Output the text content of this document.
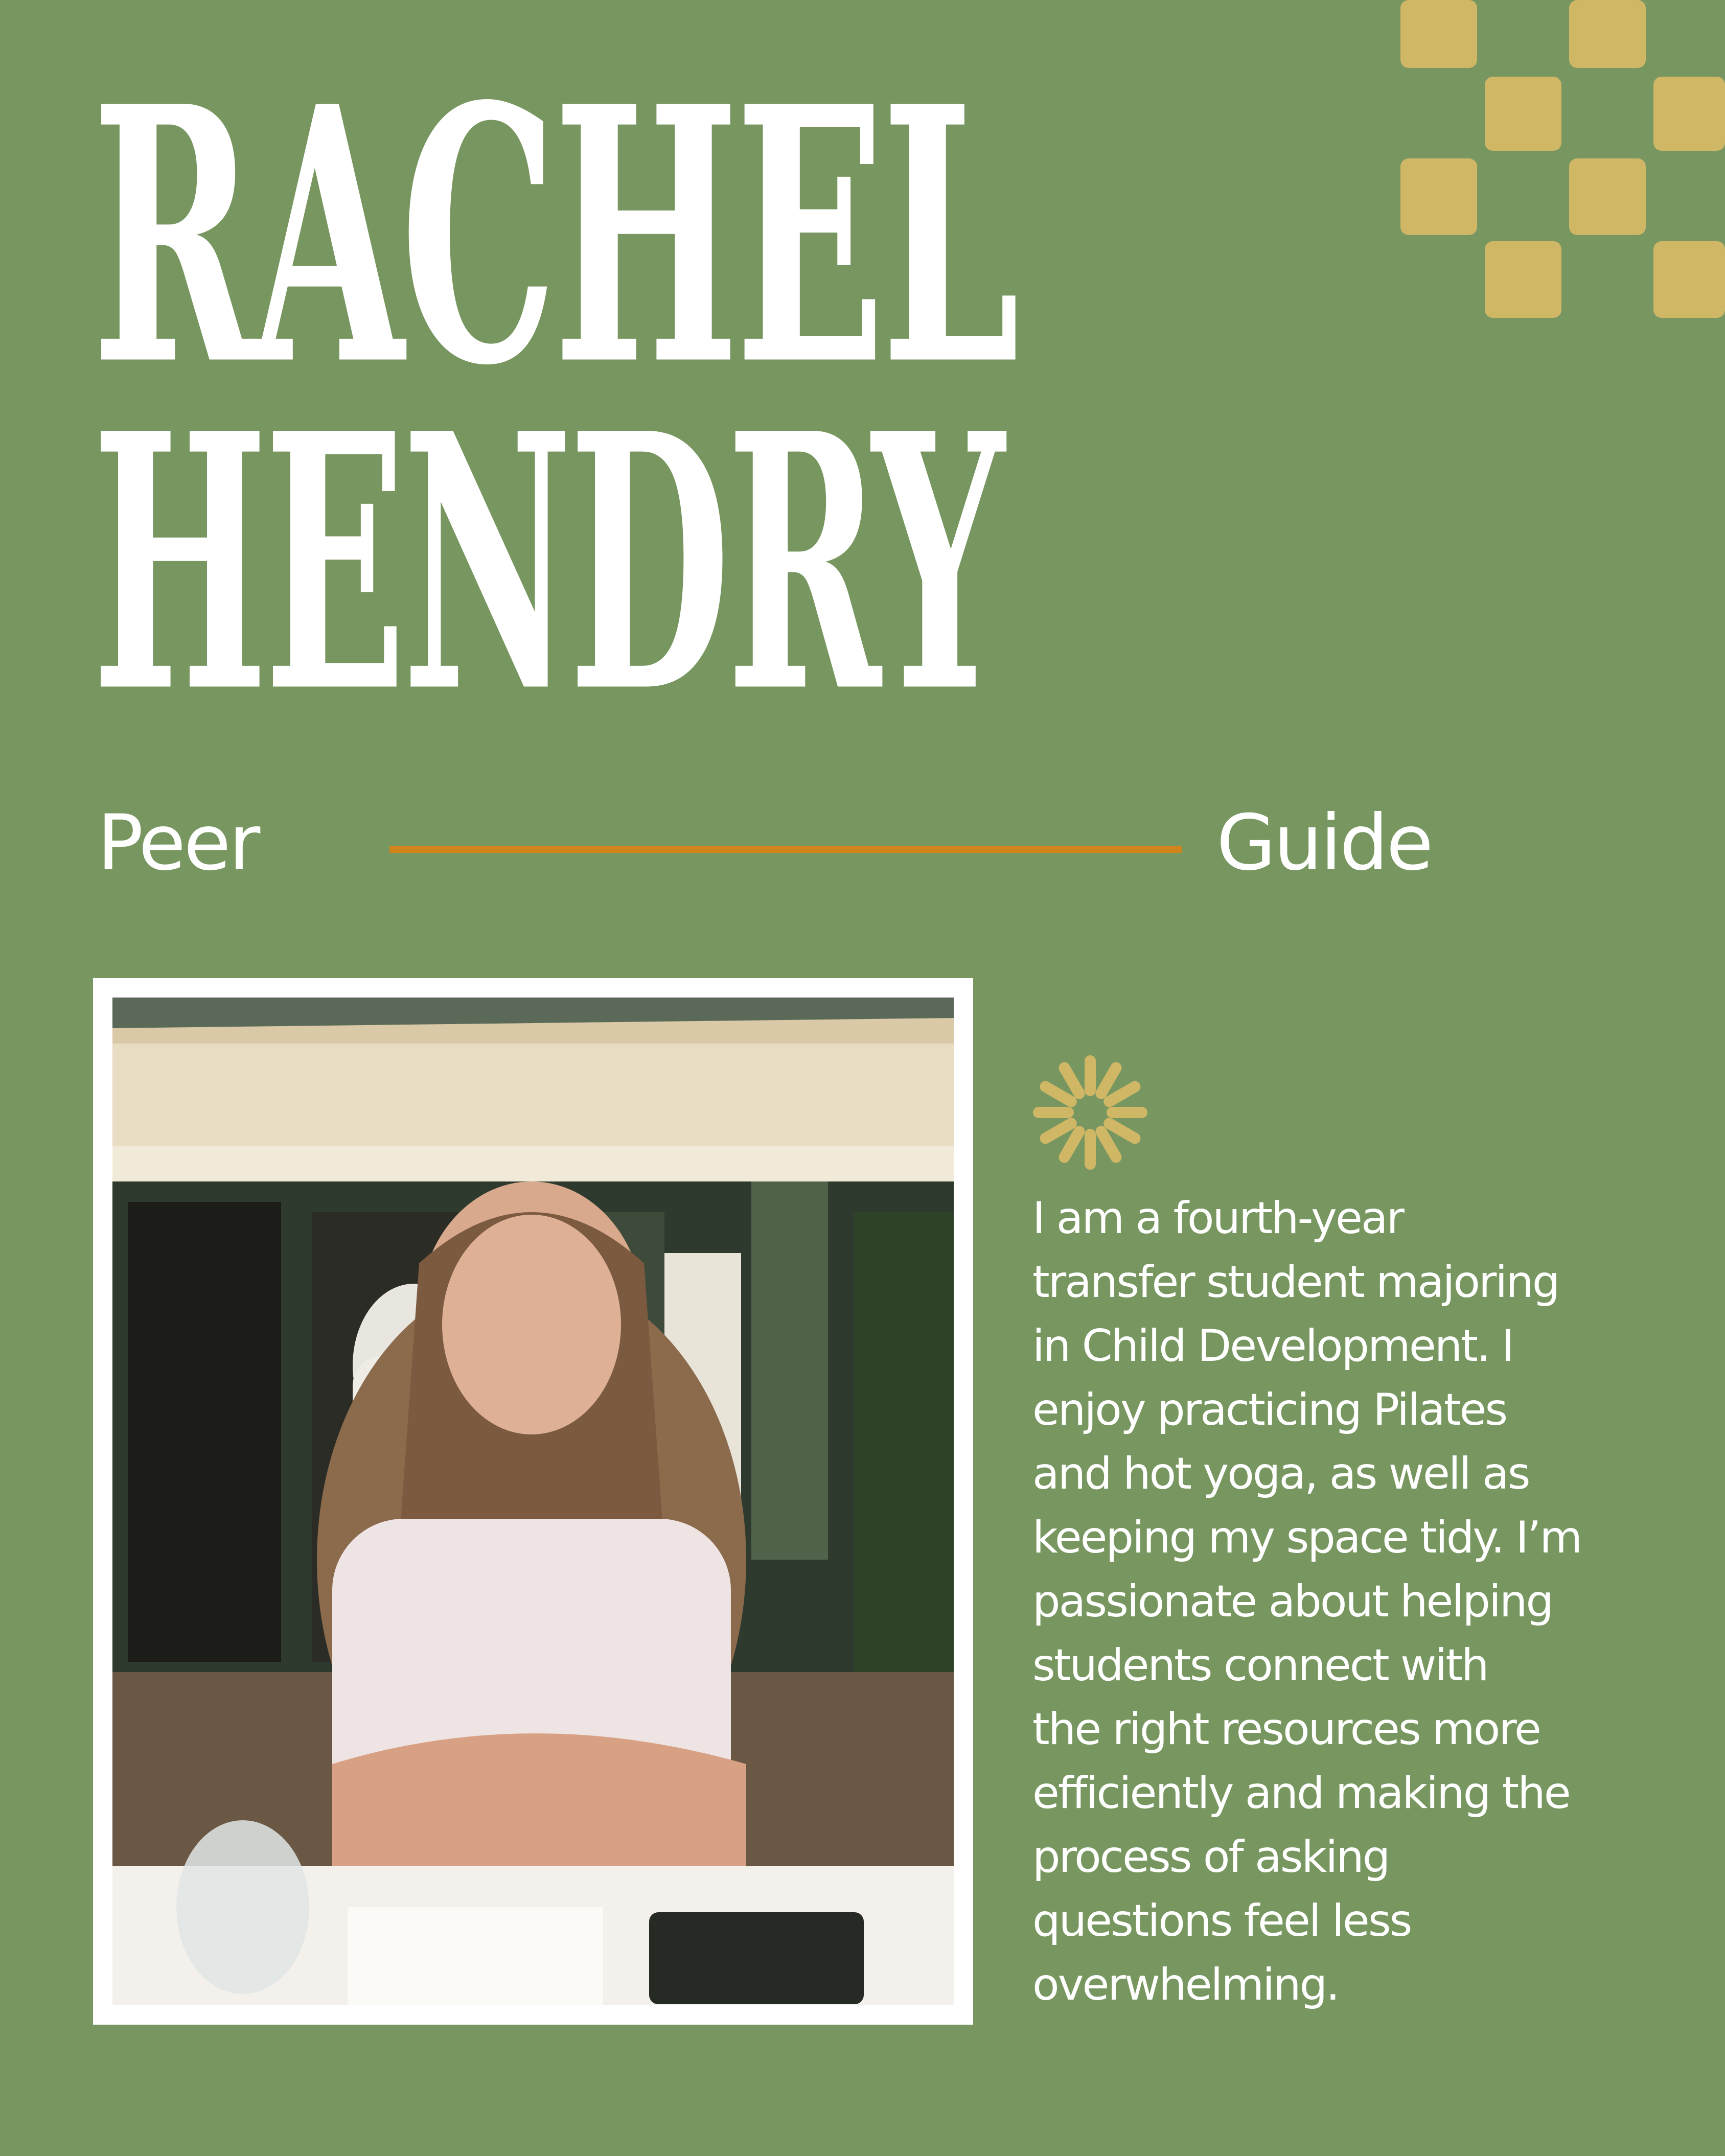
RACHEL
HENDRY
Peer	Guide

I am a fourth-year
transfer student majoring
in Child Development. I
enjoy practicing Pilates
and hot yoga, as well as
keeping my space tidy. I’m
passionate about helping
students connect with
the right resources more
efficiently and making the
process of asking
questions feel less
overwhelming.
